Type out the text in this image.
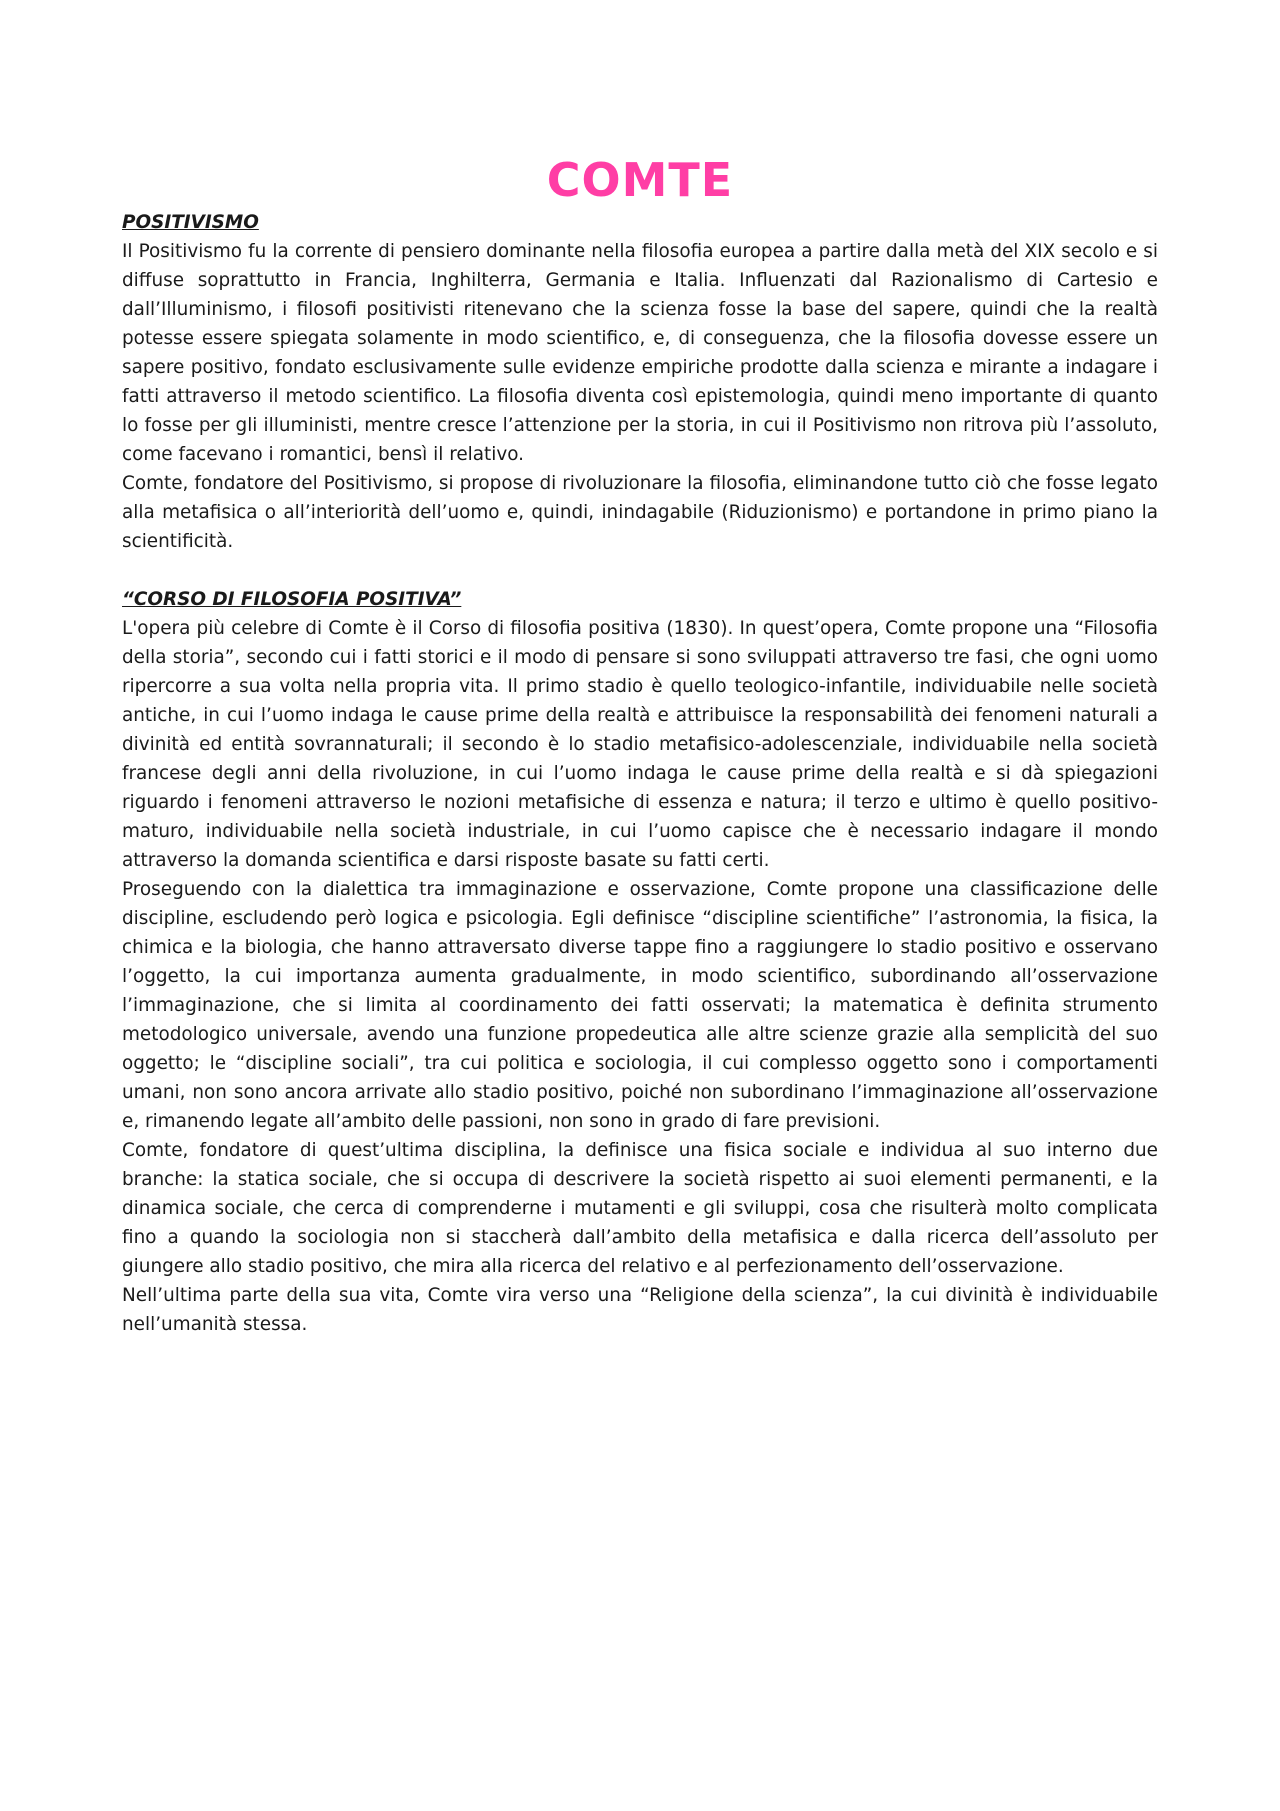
COMTE

POSITIVISMO

Il Positivismo fu la corrente di pensiero dominante nella filosofia europea a partire dalla metà del XIX secolo e si diffuse soprattutto in Francia, Inghilterra, Germania e Italia. Influenzati dal Razionalismo di Cartesio e dall’Illuminismo, i filosofi positivisti ritenevano che la scienza fosse la base del sapere, quindi che la realtà potesse essere spiegata solamente in modo scientifico, e, di conseguenza, che la filosofia dovesse essere un sapere positivo, fondato esclusivamente sulle evidenze empiriche prodotte dalla scienza e mirante a indagare i fatti attraverso il metodo scientifico. La filosofia diventa così epistemologia, quindi meno importante di quanto lo fosse per gli illuministi, mentre cresce l’attenzione per la storia, in cui il Positivismo non ritrova più l’assoluto, come facevano i romantici, bensì il relativo.

Comte, fondatore del Positivismo, si propose di rivoluzionare la filosofia, eliminandone tutto ciò che fosse legato alla metafisica o all’interiorità dell’uomo e, quindi, inindagabile (Riduzionismo) e portandone in primo piano la scientificità.

“CORSO DI FILOSOFIA POSITIVA”

L'opera più celebre di Comte è il Corso di filosofia positiva (1830). In quest’opera, Comte propone una “Filosofia della storia”, secondo cui i fatti storici e il modo di pensare si sono sviluppati attraverso tre fasi, che ogni uomo ripercorre a sua volta nella propria vita. Il primo stadio è quello teologico-infantile, individuabile nelle società antiche, in cui l’uomo indaga le cause prime della realtà e attribuisce la responsabilità dei fenomeni naturali a divinità ed entità sovrannaturali; il secondo è lo stadio metafisico-adolescenziale, individuabile nella società francese degli anni della rivoluzione, in cui l’uomo indaga le cause prime della realtà e si dà spiegazioni riguardo i fenomeni attraverso le nozioni metafisiche di essenza e natura; il terzo e ultimo è quello positivo-maturo, individuabile nella società industriale, in cui l’uomo capisce che è necessario indagare il mondo attraverso la domanda scientifica e darsi risposte basate su fatti certi.

Proseguendo con la dialettica tra immaginazione e osservazione, Comte propone una classificazione delle discipline, escludendo però logica e psicologia. Egli definisce “discipline scientifiche” l’astronomia, la fisica, la chimica e la biologia, che hanno attraversato diverse tappe fino a raggiungere lo stadio positivo e osservano l’oggetto, la cui importanza aumenta gradualmente, in modo scientifico, subordinando all’osservazione l’immaginazione, che si limita al coordinamento dei fatti osservati; la matematica è definita strumento metodologico universale, avendo una funzione propedeutica alle altre scienze grazie alla semplicità del suo oggetto; le “discipline sociali”, tra cui politica e sociologia, il cui complesso oggetto sono i comportamenti umani, non sono ancora arrivate allo stadio positivo, poiché non subordinano l’immaginazione all’osservazione e, rimanendo legate all’ambito delle passioni, non sono in grado di fare previsioni.

Comte, fondatore di quest’ultima disciplina, la definisce una fisica sociale e individua al suo interno due branche: la statica sociale, che si occupa di descrivere la società rispetto ai suoi elementi permanenti, e la dinamica sociale, che cerca di comprenderne i mutamenti e gli sviluppi, cosa che risulterà molto complicata fino a quando la sociologia non si staccherà dall’ambito della metafisica e dalla ricerca dell’assoluto per giungere allo stadio positivo, che mira alla ricerca del relativo e al perfezionamento dell’osservazione.

Nell’ultima parte della sua vita, Comte vira verso una “Religione della scienza”, la cui divinità è individuabile nell’umanità stessa.
